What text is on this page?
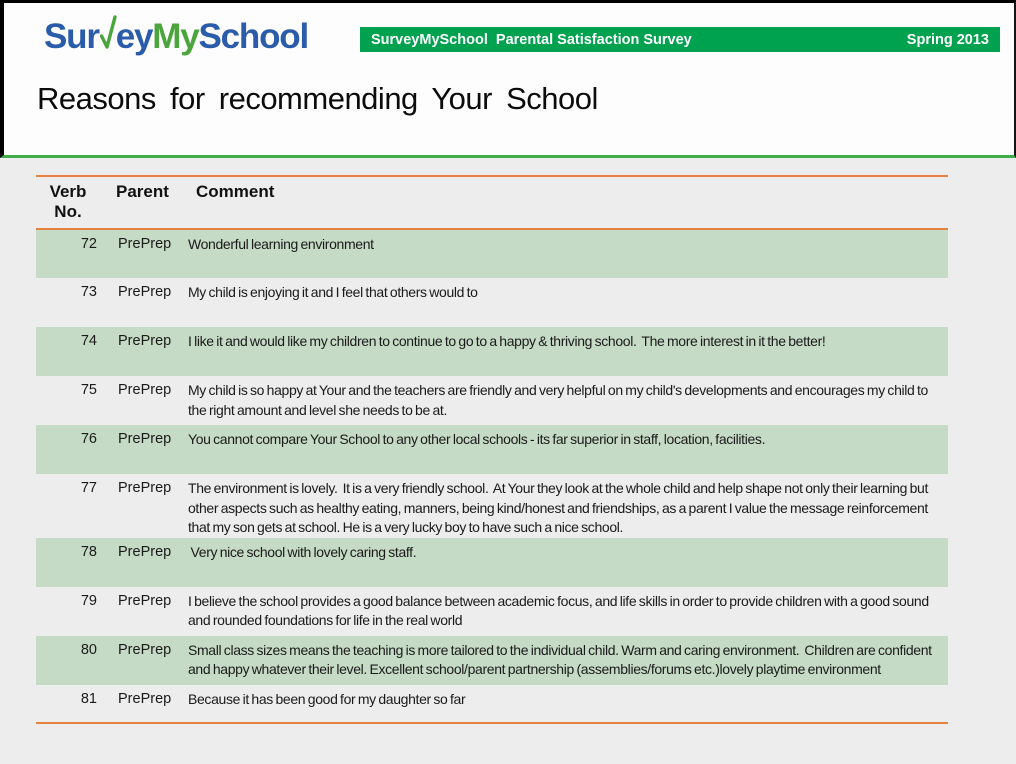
Sur eyMySchool	SurveyMySchool  Parental Satisfaction Survey	Spring 2013
Reasons for recommending Your School
Verb No.	Parent	Comment
72	PrePrep	Wonderful learning environment
73	PrePrep	My child is enjoying it and I feel that others would to
74	PrePrep	I like it and would like my children to continue to go to a happy & thriving school.  The more interest in it the better!
75	PrePrep	My child is so happy at Your and the teachers are friendly and very helpful on my child's developments and encourages my child to the right amount and level she needs to be at.
76	PrePrep	You cannot compare Your School to any other local schools - its far superior in staff, location, facilities.
77	PrePrep	The environment is lovely.  It is a very friendly school.  At Your they look at the whole child and help shape not only their learning but other aspects such as healthy eating, manners, being kind/honest and friendships, as a parent I value the message reinforcement that my son gets at school. He is a very lucky boy to have such a nice school.
78	PrePrep	Very nice school with lovely caring staff.
79	PrePrep	I believe the school provides a good balance between academic focus, and life skills in order to provide children with a good sound and rounded foundations for life in the real world
80	PrePrep	Small class sizes means the teaching is more tailored to the individual child. Warm and caring environment.  Children are confident and happy whatever their level. Excellent school/parent partnership (assemblies/forums etc.)lovely playtime environment
81	PrePrep	Because it has been good for my daughter so far
